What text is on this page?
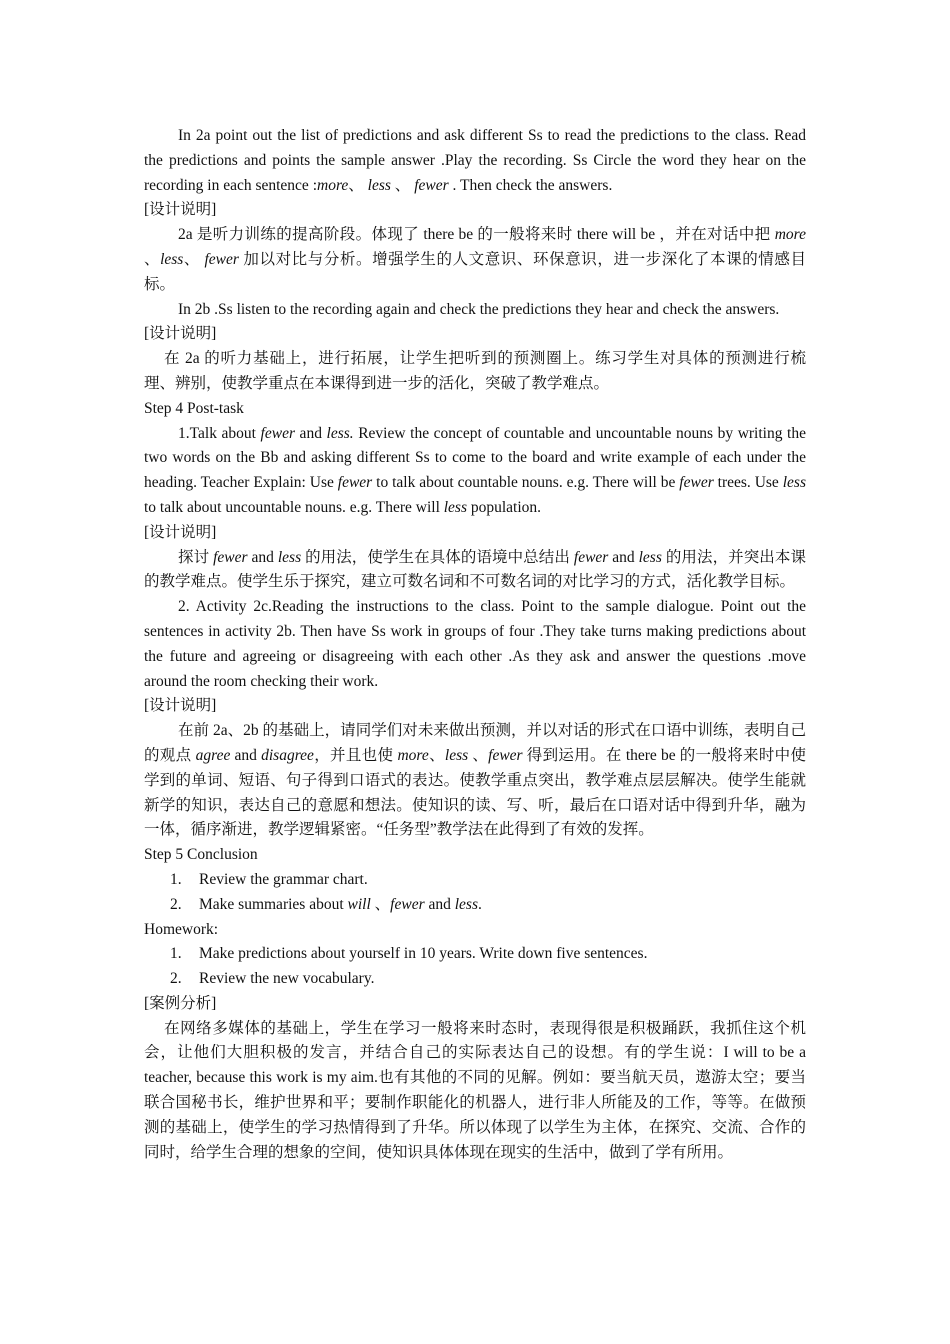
In 2a point out the list of predictions and ask different Ss to read the predictions to the class. Read the predictions and points the sample answer .Play the recording. Ss Circle the word they hear on the recording in each sentence :more、 less 、 fewer . Then check the answers.

[设计说明]

2a 是听力训练的提高阶段。体现了 there be 的一般将来时 there will be ，并在对话中把 more 、less、 fewer 加以对比与分析。增强学生的人文意识、环保意识，进一步深化了本课的情感目标。

In 2b .Ss listen to the recording again and check the predictions they hear and check the answers.

[设计说明]

在 2a 的听力基础上，进行拓展，让学生把听到的预测圈上。练习学生对具体的预测进行梳理、辨别，使教学重点在本课得到进一步的活化，突破了教学难点。

Step 4 Post-task

1.Talk about fewer and less. Review the concept of countable and uncountable nouns by writing the two words on the Bb and asking different Ss to come to the board and write example of each under the heading. Teacher Explain: Use fewer to talk about countable nouns. e.g. There will be fewer trees. Use less to talk about uncountable nouns. e.g. There will less population.

[设计说明]

探讨 fewer and less 的用法，使学生在具体的语境中总结出 fewer and less 的用法，并突出本课的教学难点。使学生乐于探究，建立可数名词和不可数名词的对比学习的方式，活化教学目标。

2. Activity 2c.Reading the instructions to the class. Point to the sample dialogue. Point out the sentences in activity 2b. Then have Ss work in groups of four .They take turns making predictions about the future and agreeing or disagreeing with each other .As they ask and answer the questions .move around the room checking their work.

[设计说明]

在前 2a、2b 的基础上，请同学们对未来做出预测，并以对话的形式在口语中训练，表明自己的观点 agree and disagree，并且也使 more、less 、fewer 得到运用。在 there be 的一般将来时中使学到的单词、短语、句子得到口语式的表达。使教学重点突出，教学难点层层解决。使学生能就新学的知识，表达自己的意愿和想法。使知识的读、写、听，最后在口语对话中得到升华，融为一体，循序渐进，教学逻辑紧密。“任务型”教学法在此得到了有效的发挥。

Step 5 Conclusion

1. Review the grammar chart.
2. Make summaries about will 、fewer and less.

Homework:

1. Make predictions about yourself in 10 years. Write down five sentences.
2. Review the new vocabulary.

[案例分析]

在网络多媒体的基础上，学生在学习一般将来时态时，表现得很是积极踊跃，我抓住这个机会，让他们大胆积极的发言，并结合自己的实际表达自己的设想。有的学生说：I will to be a teacher, because this work is my aim.也有其他的不同的见解。例如：要当航天员，遨游太空；要当联合国秘书长，维护世界和平；要制作职能化的机器人，进行非人所能及的工作，等等。在做预测的基础上，使学生的学习热情得到了升华。所以体现了以学生为主体，在探究、交流、合作的同时，给学生合理的想象的空间，使知识具体体现在现实的生活中，做到了学有所用。
